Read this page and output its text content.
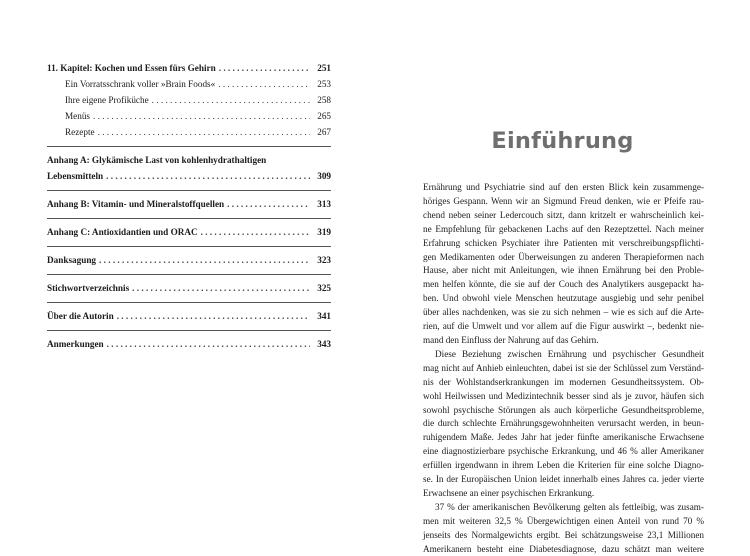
11. Kapitel: Kochen und Essen fürs Gehirn . . .	251
Ein Vorratsschrank voller »Brain Foods« . . .	253
Ihre eigene Profiküche . . .	258
Menüs . . .	265
Rezepte . . .	267
Anhang A: Glykämische Last von kohlenhydrathaltigen
Lebensmitteln . . .	309
Anhang B: Vitamin- und Mineralstoffquellen . . .	313
Anhang C: Antioxidantien und ORAC . . .	319
Danksagung . . .	323
Stichwortverzeichnis . . .	325
Über die Autorin . . .	341
Anmerkungen . . .	343
Einführung
Ernährung und Psychiatrie sind auf den ersten Blick kein zusammenge-
höriges Gespann. Wenn wir an Sigmund Freud denken, wie er Pfeife rau-
chend neben seiner Ledercouch sitzt, dann kritzelt er wahrscheinlich kei-
ne Empfehlung für gebackenen Lachs auf den Rezeptzettel. Nach meiner
Erfahrung schicken Psychiater ihre Patienten mit verschreibungspflichti-
gen Medikamenten oder Überweisungen zu anderen Therapieformen nach
Hause, aber nicht mit Anleitungen, wie ihnen Ernährung bei den Proble-
men helfen könnte, die sie auf der Couch des Analytikers ausgepackt ha-
ben. Und obwohl viele Menschen heutzutage ausgiebig und sehr penibel
über alles nachdenken, was sie zu sich nehmen – wie es sich auf die Arte-
rien, auf die Umwelt und vor allem auf die Figur auswirkt –, bedenkt nie-
mand den Einfluss der Nahrung auf das Gehirn.
Diese Beziehung zwischen Ernährung und psychischer Gesundheit
mag nicht auf Anhieb einleuchten, dabei ist sie der Schlüssel zum Verständ-
nis der Wohlstandserkrankungen im modernen Gesundheitssystem. Ob-
wohl Heilwissen und Medizintechnik besser sind als je zuvor, häufen sich
sowohl psychische Störungen als auch körperliche Gesundheitsprobleme,
die durch schlechte Ernährungsgewohnheiten verursacht werden, in beun-
ruhigendem Maße. Jedes Jahr hat jeder fünfte amerikanische Erwachsene
eine diagnostizierbare psychische Erkrankung, und 46 % aller Amerikaner
erfüllen irgendwann in ihrem Leben die Kriterien für eine solche Diagno-
se. In der Europäischen Union leidet innerhalb eines Jahres ca. jeder vierte
Erwachsene an einer psychischen Erkrankung.
37 % der amerikanischen Bevölkerung gelten als fettleibig, was zusam-
men mit weiteren 32,5 % Übergewichtigen einen Anteil von rund 70 %
jenseits des Normalgewichts ergibt. Bei schätzungsweise 23,1 Millionen
Amerikanern besteht eine Diabetesdiagnose, dazu schätzt man weitere
